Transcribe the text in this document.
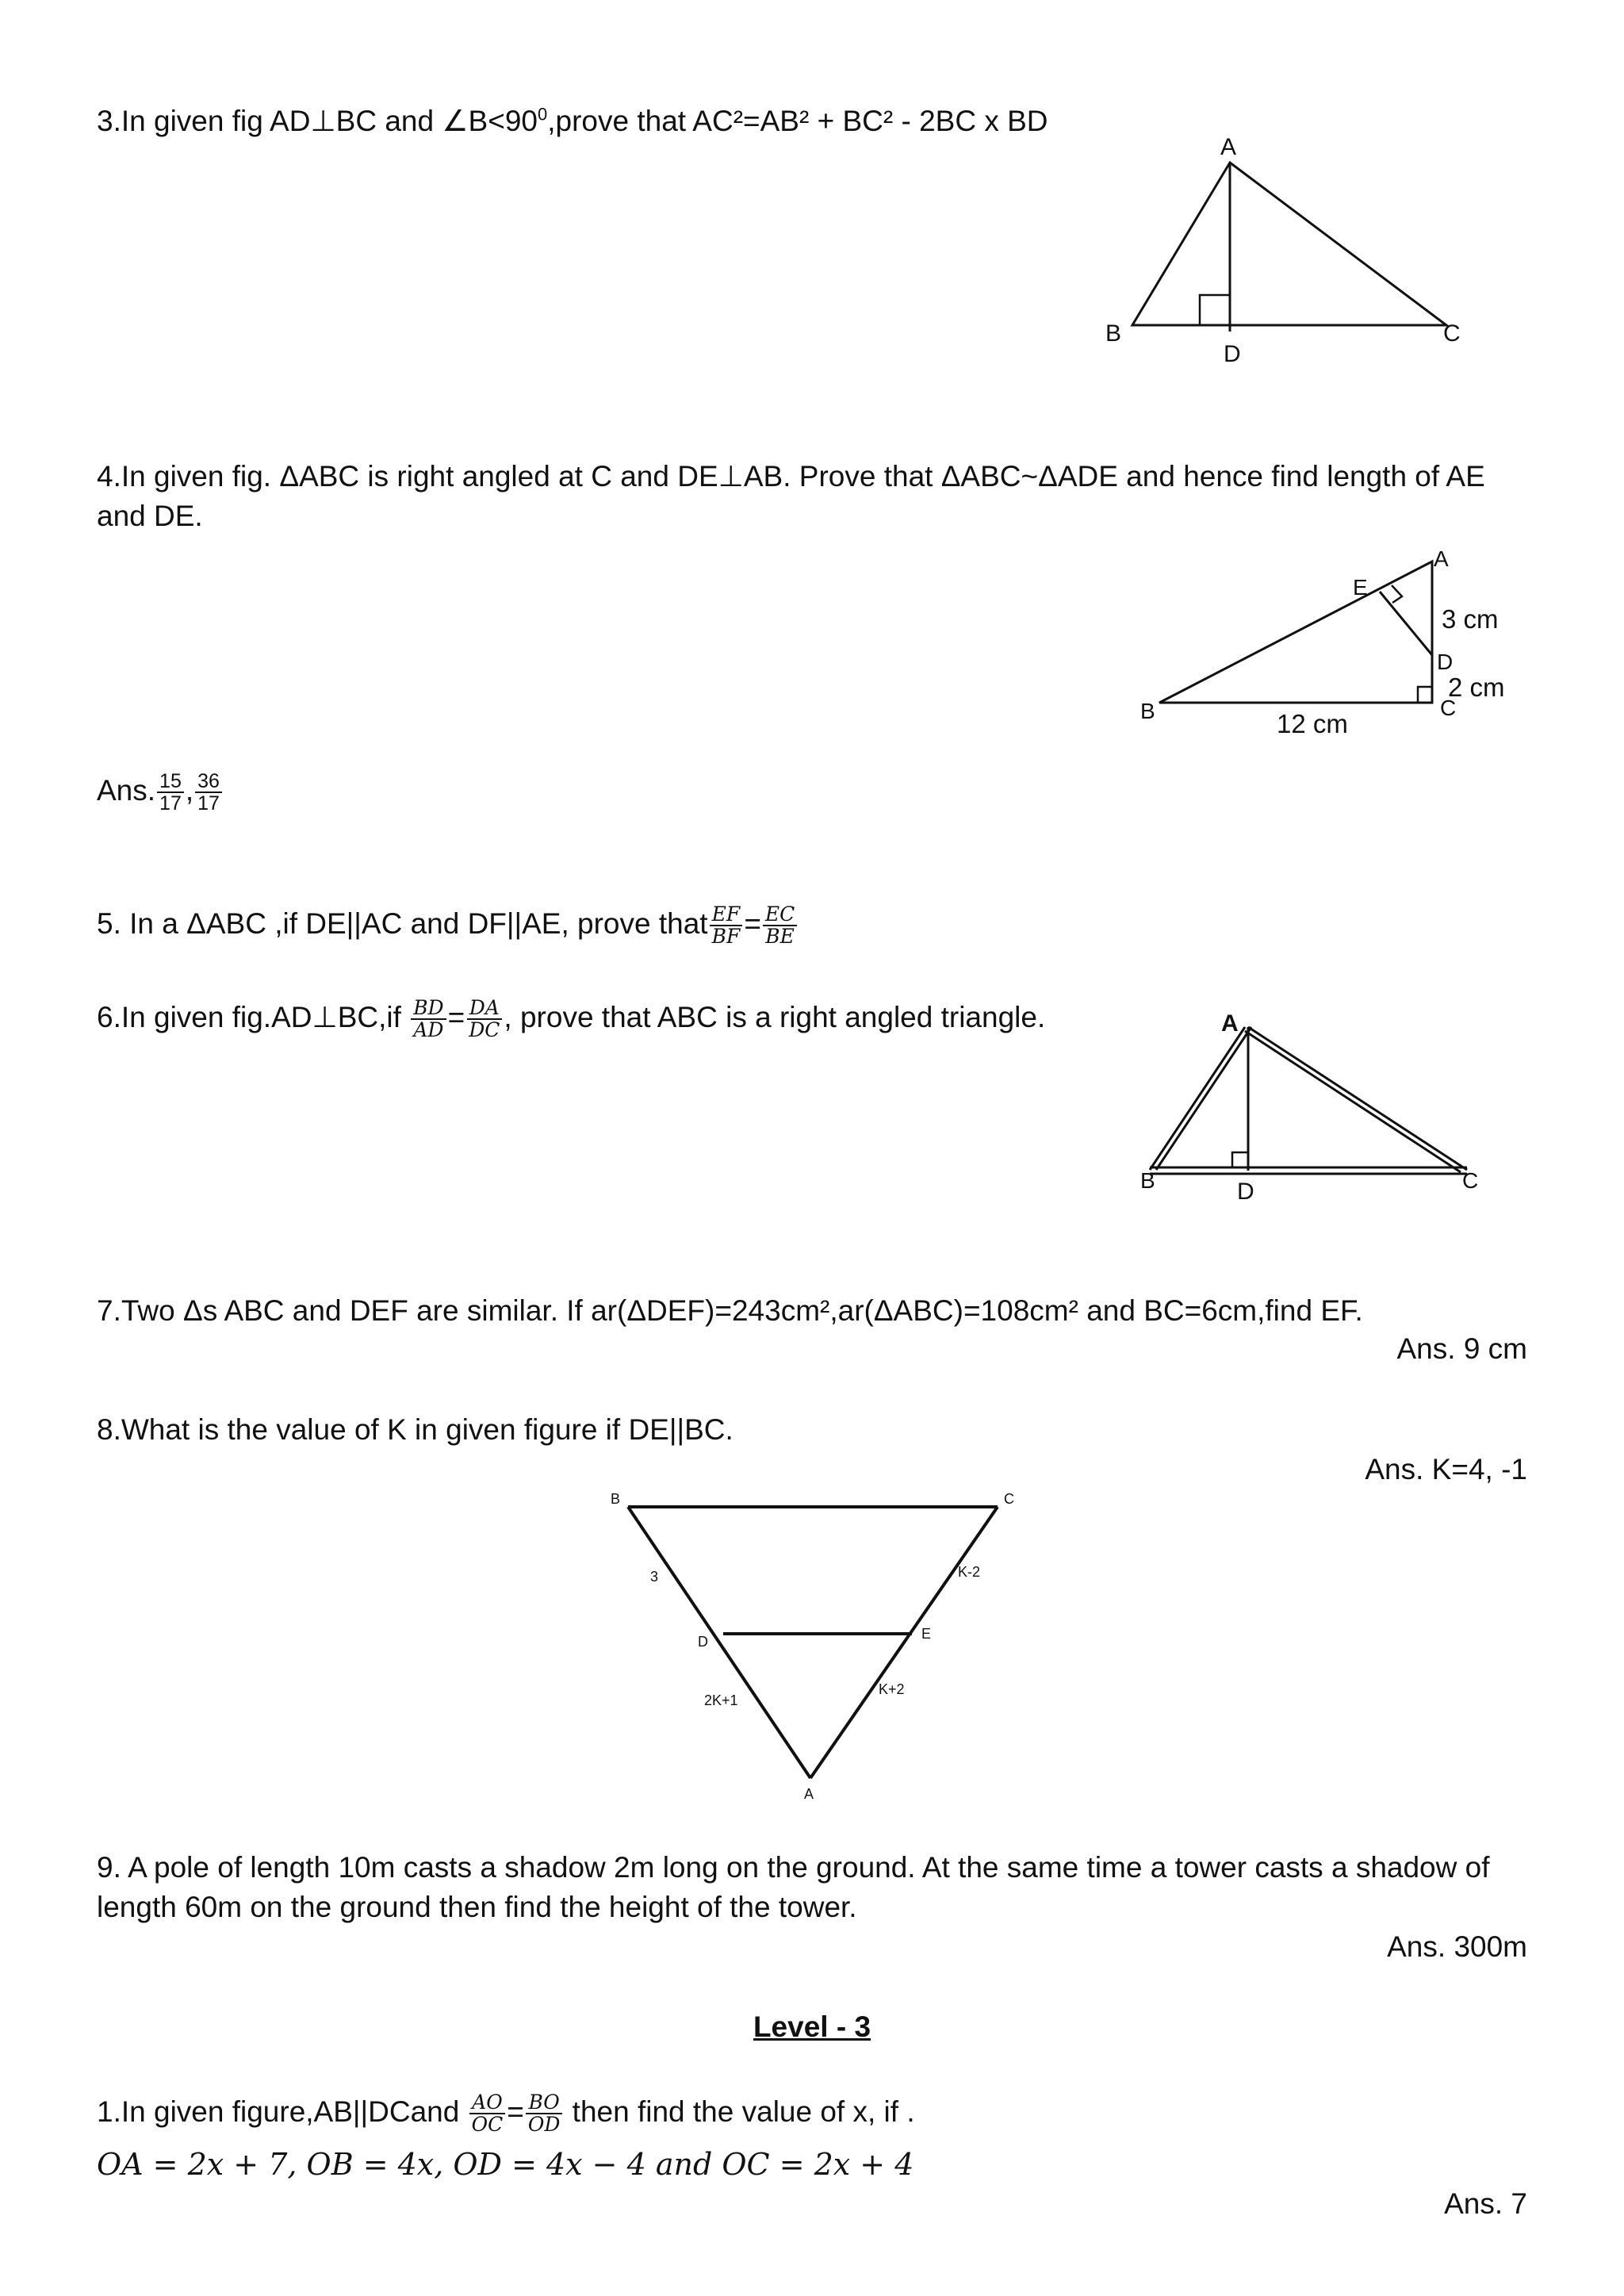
3.In given fig AD⊥BC and $\angle B<90^0,prove$ that AC²=AB² + BC² - 2BC x BD
A
B	C
D
4.In given fig. ΔABC is right angled at C and DE⊥AB. Prove that ΔABC~ΔADE and hence find length of AE and DE.
A
B	C
D
E
3 cm
2 cm
12 cm
Ans. $\frac{15}{17}$ , $\frac{36}{17}$
5. In a ΔABC ,if DE||AC and DF||AE, prove that $\frac{EF}{BF} = \frac{EC}{BE}$
6.In given fig.AD⊥BC,if $\frac{BD}{AD} = \frac{DA}{DC}$ , prove that ABC is a right angled triangle.	A
B	C
D
7.Two Δs ABC and DEF are similar. If ar(ΔDEF)=243cm²,ar(ΔABC)=108cm² and BC=6cm,find EF.
Ans. 9 cm
8.What is the value of K in given figure if DE||BC.
Ans. K=4, -1
B	C
D	E
A
3	K-2
2K+1
K+2
9. A pole of length 10m casts a shadow 2m long on the ground. At the same time a tower casts a shadow of length 60m on the ground then find the height of the tower.
Ans. 300m
Level - 3
1.In given figure,AB||DCand $\frac{AO}{OC} = \frac{BO}{OD}$ then find the value of x, if .
OA = 2x + 7, OB = 4x, OD = 4x − 4 and OC = 2x + 4
Ans. 7
